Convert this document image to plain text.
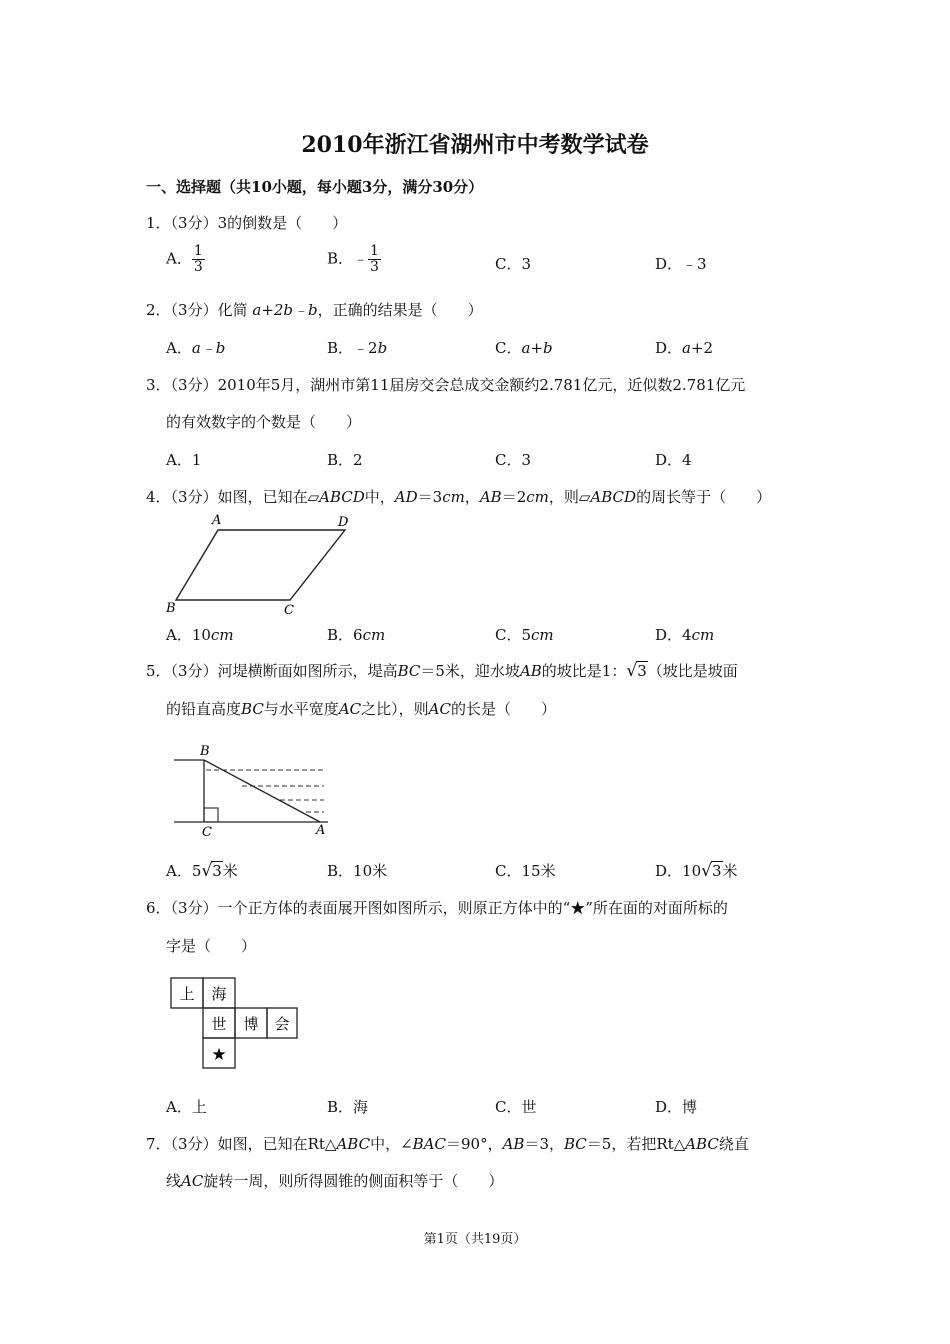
2010年浙江省湖州市中考数学试卷
一、选择题（共10小题，每小题3分，满分30分）
1．（3分）3的倒数是（　　）
A． $\frac{1}{3}$	B．﹣ $\frac{1}{3}$	C．3	D．﹣3
2．（3分）化简 a+2b﹣b，正确的结果是（　　）
A．a﹣b	B．﹣2b	C．a+b	D．a+2
3．（3分）2010年5月，湖州市第11届房交会总成交金额约2.781亿元，近似数2.781亿元
的有效数字的个数是（　　）
A．1	B．2	C．3	D．4
4．（3分）如图，已知在▱ABCD中，AD＝3cm，AB＝2cm，则▱ABCD的周长等于（　　）
A	D
B	C
A．10cm	B．6cm	C．5cm	D．4cm
5．（3分）河堤横断面如图所示，堤高BC＝5米，迎水坡AB的坡比是1：√3（坡比是坡面
的铅直高度BC与水平宽度AC之比），则AC的长是（　　）
B
C	A
A．5√3米	B．10米	C．15米	D．10√3米
6．（3分）一个正方体的表面展开图如图所示，则原正方体中的“★”所在面的对面所标的
字是（　　）
上 海
世 博 会
★
A．上	B．海	C．世	D．博
7．（3分）如图，已知在Rt△ABC中，∠BAC＝90°，AB＝3，BC＝5，若把Rt△ABC绕直
线AC旋转一周，则所得圆锥的侧面积等于（　　）
第1页（共19页）
